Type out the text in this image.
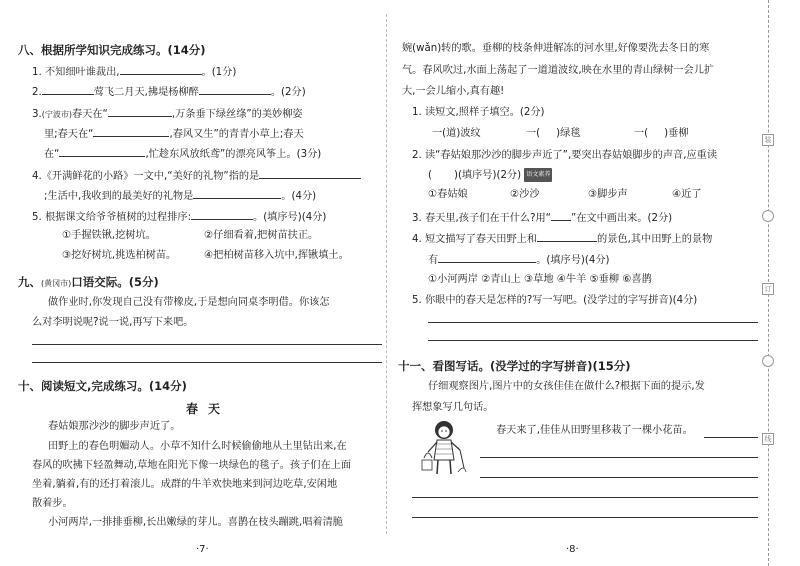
装
订
线
八、根据所学知识完成练习。(14分)
1. 不知细叶谁裁出,	。(1分)
2.	莺飞二月天,拂堤杨柳醉	。(2分)
3.(宁波市)春天在“	,万条垂下绿丝绦”的美妙柳姿
里;春天在“	,春风又生”的青青小草上;春天
在“	,忙趁东风放纸鸢”的漂亮风筝上。(3分)
4.《开满鲜花的小路》一文中,“美好的礼物”指的是
;生活中,我收到的最美好的礼物是	。(4分)
5. 根据课文给爷爷植树的过程排序:	。(填序号)(4分)
①手握铁锹,挖树坑。	②仔细看着,把树苗扶正。
③挖好树坑,挑选柏树苗。	④把柏树苗移入坑中,挥锹填土。
九、(黄冈市)口语交际。(5分)
做作业时,你发现自己没有带橡皮,于是想向同桌李明借。你该怎
么对李明说呢?说一说,再写下来吧。
十、阅读短文,完成练习。(14分)
春天
春姑娘那沙沙的脚步声近了。
田野上的春色明媚动人。小草不知什么时候偷偷地从土里钻出来,在
春风的吹拂下轻盈舞动,草地在阳光下像一块绿色的毯子。孩子们在上面
坐着,躺着,有的还打着滚儿。成群的牛羊欢快地来到河边吃草,安闲地
散着步。
小河两岸,一排排垂柳,长出嫩绿的芽儿。喜鹊在枝头蹦跳,唱着清脆
·7·
婉(wǎn)转的歌。垂柳的枝条伸进解冻的河水里,好像要洗去冬日的寒
气。春风吹过,水面上荡起了一道道波纹,映在水里的青山绿树一会儿扩
大,一会儿缩小,真有趣!
1. 读短文,照样子填空。(2分)
一(道)波纹	一( )绿毯	一( )垂柳
2. 读“春姑娘那沙沙的脚步声近了”,要突出春姑娘脚步的声音,应重读
( )(填序号)(2分) 语文素养
①春姑娘	②沙沙	③脚步声	④近了
3. 春天里,孩子们在干什么?用“ ”在文中画出来。(2分)
4. 短文描写了春天田野上和	的景色,其中田野上的景物
有	。(填序号)(4分)
①小河两岸 ②青山上 ③草地 ④牛羊 ⑤垂柳 ⑥喜鹊
5. 你眼中的春天是怎样的?写一写吧。(没学过的字写拼音)(4分)
十一、看图写话。(没学过的字写拼音)(15分)
仔细观察图片,图片中的女孩佳佳在做什么?根据下面的提示,发
挥想象写几句话。
春天来了,佳佳从田野里移栽了一棵小花苗。
·8·
